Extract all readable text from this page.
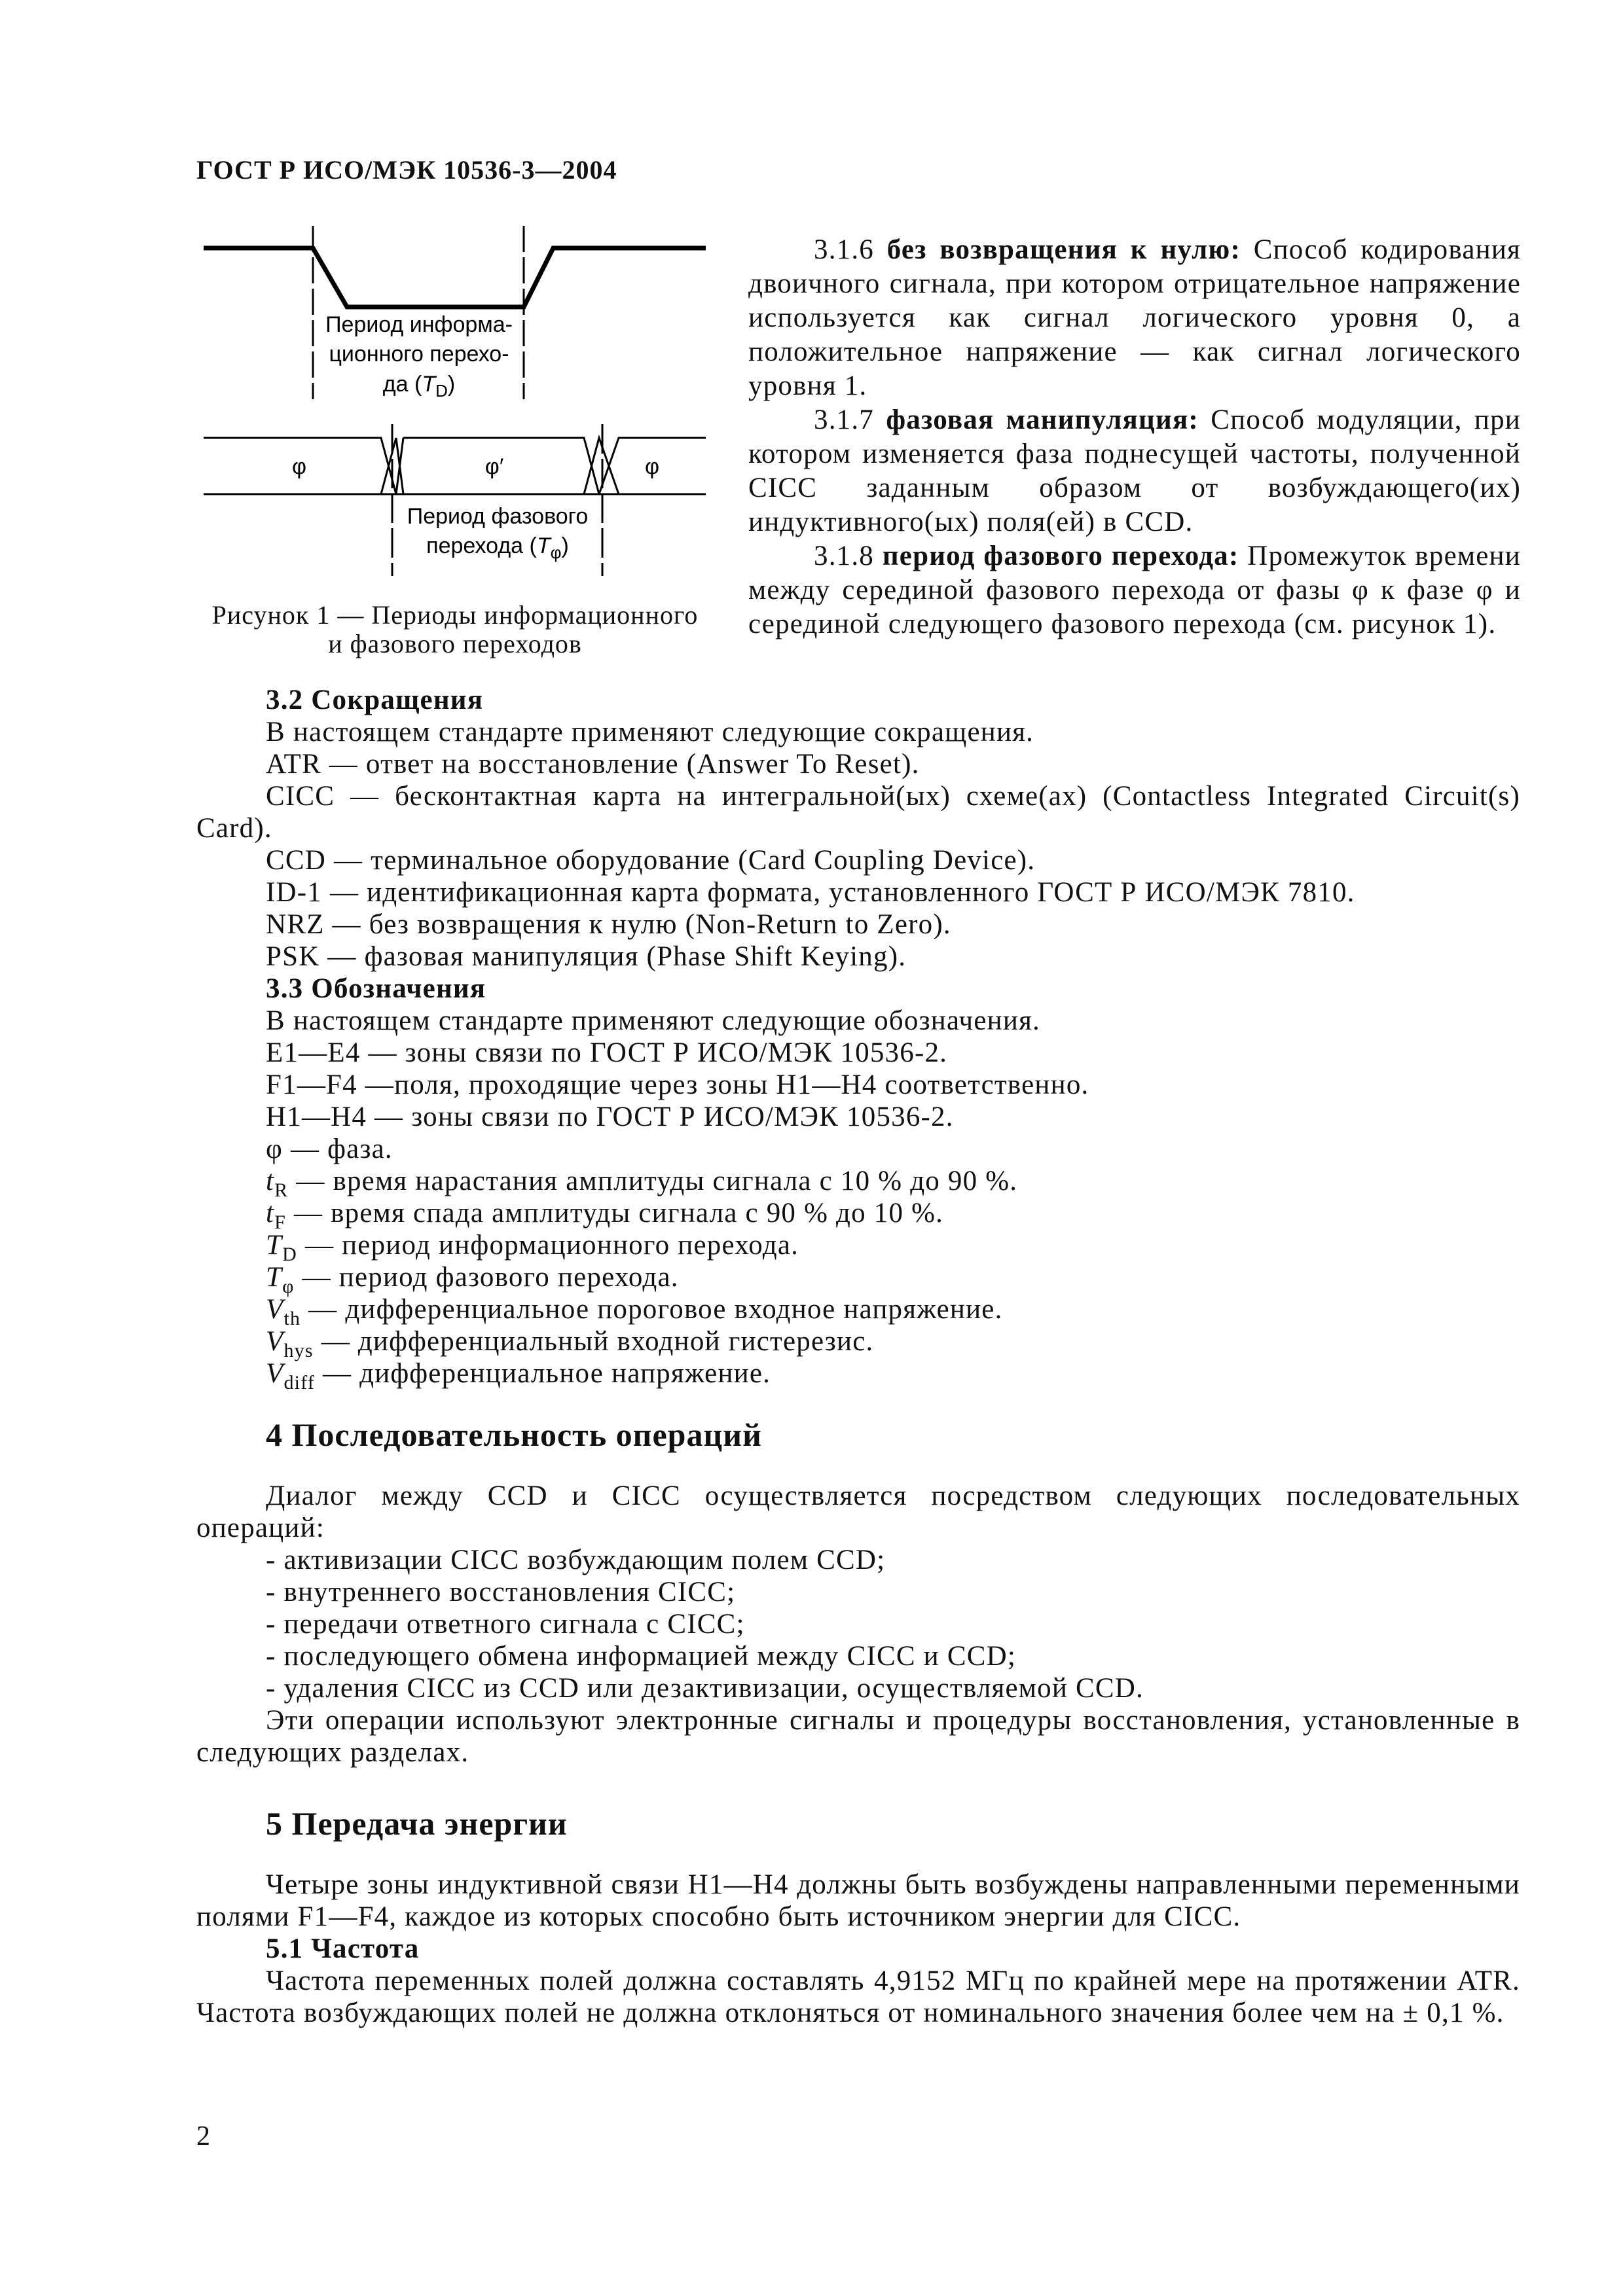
ГОСТ Р ИСО/МЭК 10536-3—2004
Период информа-
ционного перехо-
да $(T_D)$
φ	φ′	φ
Период фазового
перехода $(T_\varphi)$
Рисунок 1 — Периоды информационного
и фазового переходов

3.1.6 без возвращения к нулю: Способ кодирования двоичного сигнала, при котором отрицательное напряжение используется как сигнал логического уровня 0, а положительное напряжение — как сигнал логического уровня 1.

3.1.7 фазовая манипуляция: Способ модуляции, при котором изменяется фаза поднесущей частоты, полученной CICC заданным образом от возбуждающего(их) индуктивного(ых) поля(ей) в CCD.

3.1.8 период фазового перехода: Промежуток времени между серединой фазового перехода от фазы φ к фазе φ и серединой следующего фазового перехода (см. рисунок 1).

3.2 Сокращения
В настоящем стандарте применяют следующие сокращения.
ATR — ответ на восстановление (Answer To Reset).
CICC — бесконтактная карта на интегральной(ых) схеме(ах) (Contactless Integrated Circuit(s) Card).
CCD — терминальное оборудование (Card Coupling Device).
ID-1 — идентификационная карта формата, установленного ГОСТ Р ИСО/МЭК 7810.
NRZ — без возвращения к нулю (Non-Return to Zero).
PSK — фазовая манипуляция (Phase Shift Keying).
3.3 Обозначения
В настоящем стандарте применяют следующие обозначения.
E1—E4 — зоны связи по ГОСТ Р ИСО/МЭК 10536-2.
F1—F4 —поля, проходящие через зоны H1—H4 соответственно.
H1—H4 — зоны связи по ГОСТ Р ИСО/МЭК 10536-2.
φ — фаза.
$t_R$ — время нарастания амплитуды сигнала с 10 % до 90 %.
$t_F$ — время спада амплитуды сигнала с 90 % до 10 %.
$T_D$ — период информационного перехода.
$T_\varphi$ — период фазового перехода.
$V_{th}$ — дифференциальное пороговое входное напряжение.
$V_{hys}$ — дифференциальный входной гистерезис.
$V_{diff}$ — дифференциальное напряжение.
4 Последовательность операций
Диалог между CCD и CICC осуществляется посредством следующих последовательных операций:
- активизации CICC возбуждающим полем CCD;
- внутреннего восстановления CICC;
- передачи ответного сигнала с CICC;
- последующего обмена информацией между CICC и CCD;
- удаления CICC из CCD или дезактивизации, осуществляемой CCD.
Эти операции используют электронные сигналы и процедуры восстановления, установленные в следующих разделах.
5 Передача энергии
Четыре зоны индуктивной связи H1—H4 должны быть возбуждены направленными переменными полями F1—F4, каждое из которых способно быть источником энергии для CICC.
5.1 Частота
Частота переменных полей должна составлять 4,9152 МГц по крайней мере на протяжении ATR. Частота возбуждающих полей не должна отклоняться от номинального значения более чем на ± 0,1 %.
2
